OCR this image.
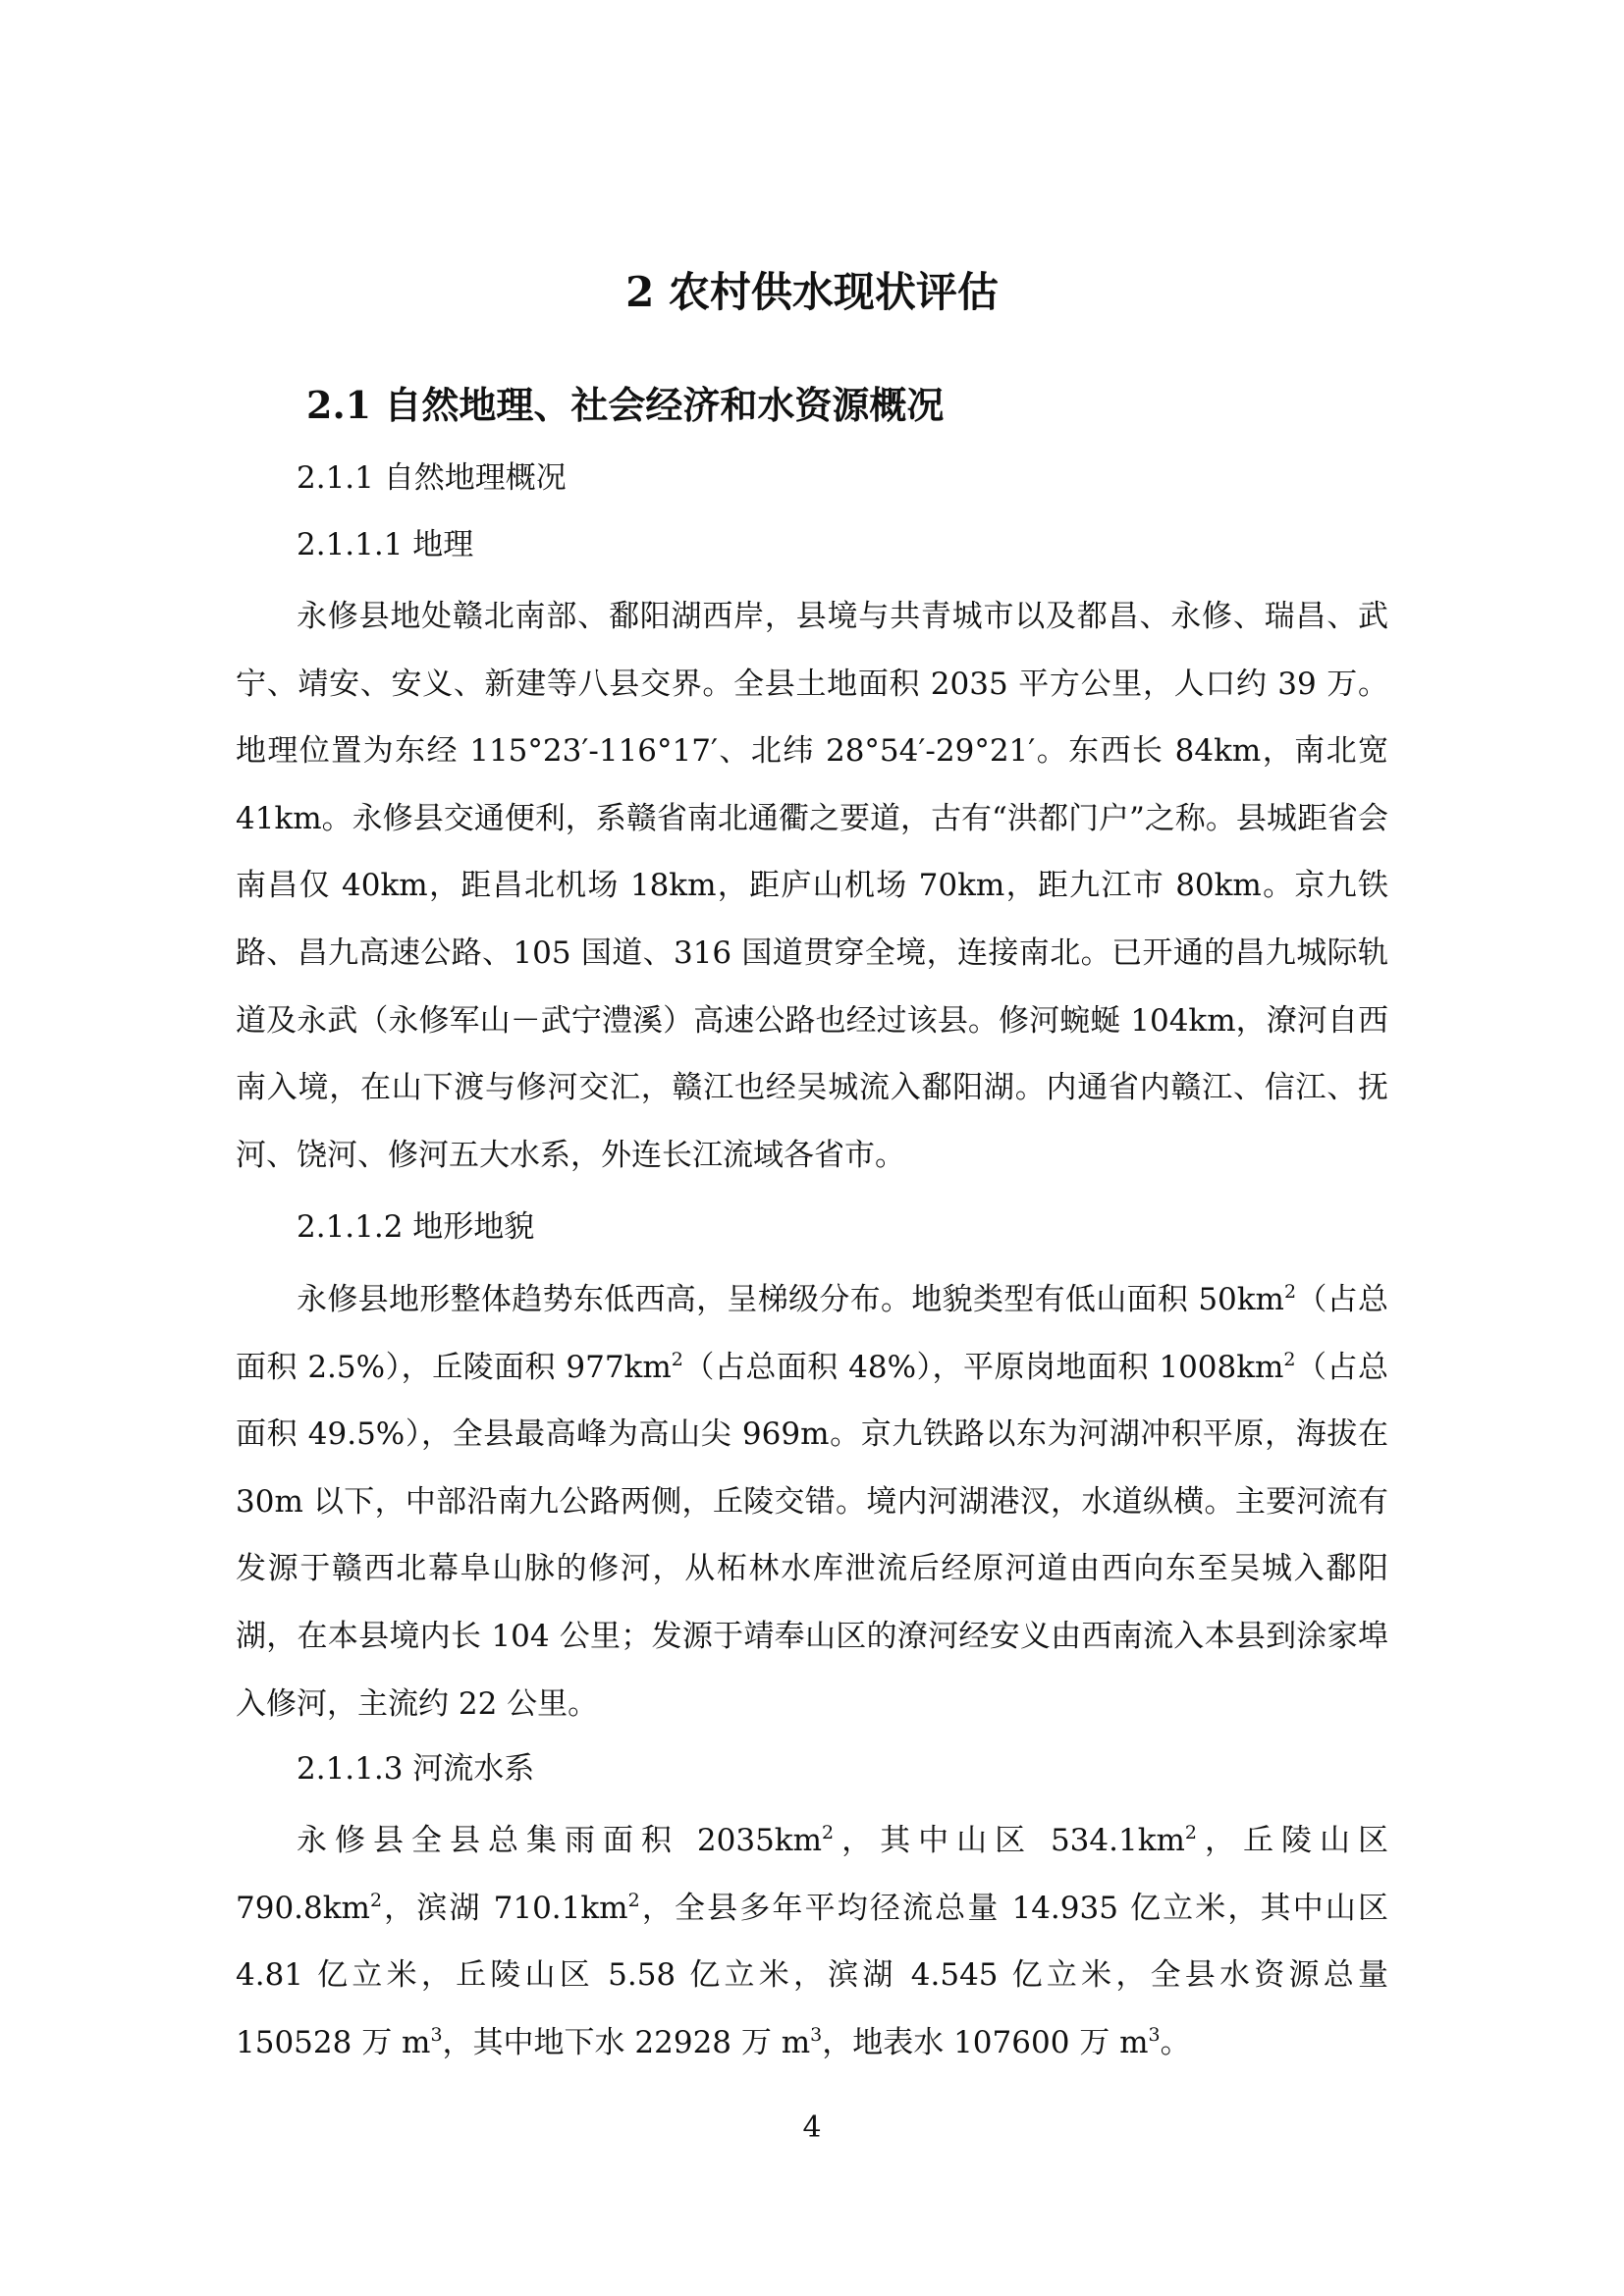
2 农村供水现状评估
2.1 自然地理、社会经济和水资源概况
2.1.1 自然地理概况
2.1.1.1 地理

永修县地处赣北南部、鄱阳湖西岸，县境与共青城市以及都昌、永修、瑞昌、武宁、靖安、安义、新建等八县交界。全县土地面积 2035 平方公里，人口约 39 万。地理位置为东经 115°23′-116°17′、北纬 28°54′-29°21′。东西长 84km，南北宽 41km。永修县交通便利，系赣省南北通衢之要道，古有“洪都门户”之称。县城距省会南昌仅 40km，距昌北机场 18km，距庐山机场 70km，距九江市 80km。京九铁路、昌九高速公路、105 国道、316 国道贯穿全境，连接南北。已开通的昌九城际轨道及永武（永修军山－武宁澧溪）高速公路也经过该县。修河蜿蜒 104km，潦河自西南入境，在山下渡与修河交汇，赣江也经吴城流入鄱阳湖。内通省内赣江、信江、抚河、饶河、修河五大水系，外连长江流域各省市。

2.1.1.2 地形地貌

永修县地形整体趋势东低西高，呈梯级分布。地貌类型有低山面积 $50km^2$（占总面积 2.5%），丘陵面积 $977km^2$（占总面积 48%），平原岗地面积 $1008km^2$（占总面积 49.5%），全县最高峰为高山尖 969m。京九铁路以东为河湖冲积平原，海拔在 30m 以下，中部沿南九公路两侧，丘陵交错。境内河湖港汊，水道纵横。主要河流有发源于赣西北幕阜山脉的修河，从柘林水库泄流后经原河道由西向东至吴城入鄱阳湖，在本县境内长 104 公里；发源于靖奉山区的潦河经安义由西南流入本县到涂家埠入修河，主流约 22 公里。

2.1.1.3 河流水系

永修县全县总集雨面积 $2035km^2$，其中山区 $534.1km^2$，丘陵山区 $790.8km^2$，滨湖 $710.1km^2$，全县多年平均径流总量 14.935 亿立米，其中山区 4.81 亿立米，丘陵山区 5.58 亿立米，滨湖 4.545 亿立米，全县水资源总量 150528 万 $m^3$，其中地下水 22928 万 $m^3$，地表水 107600 万 $m^3$。

4
